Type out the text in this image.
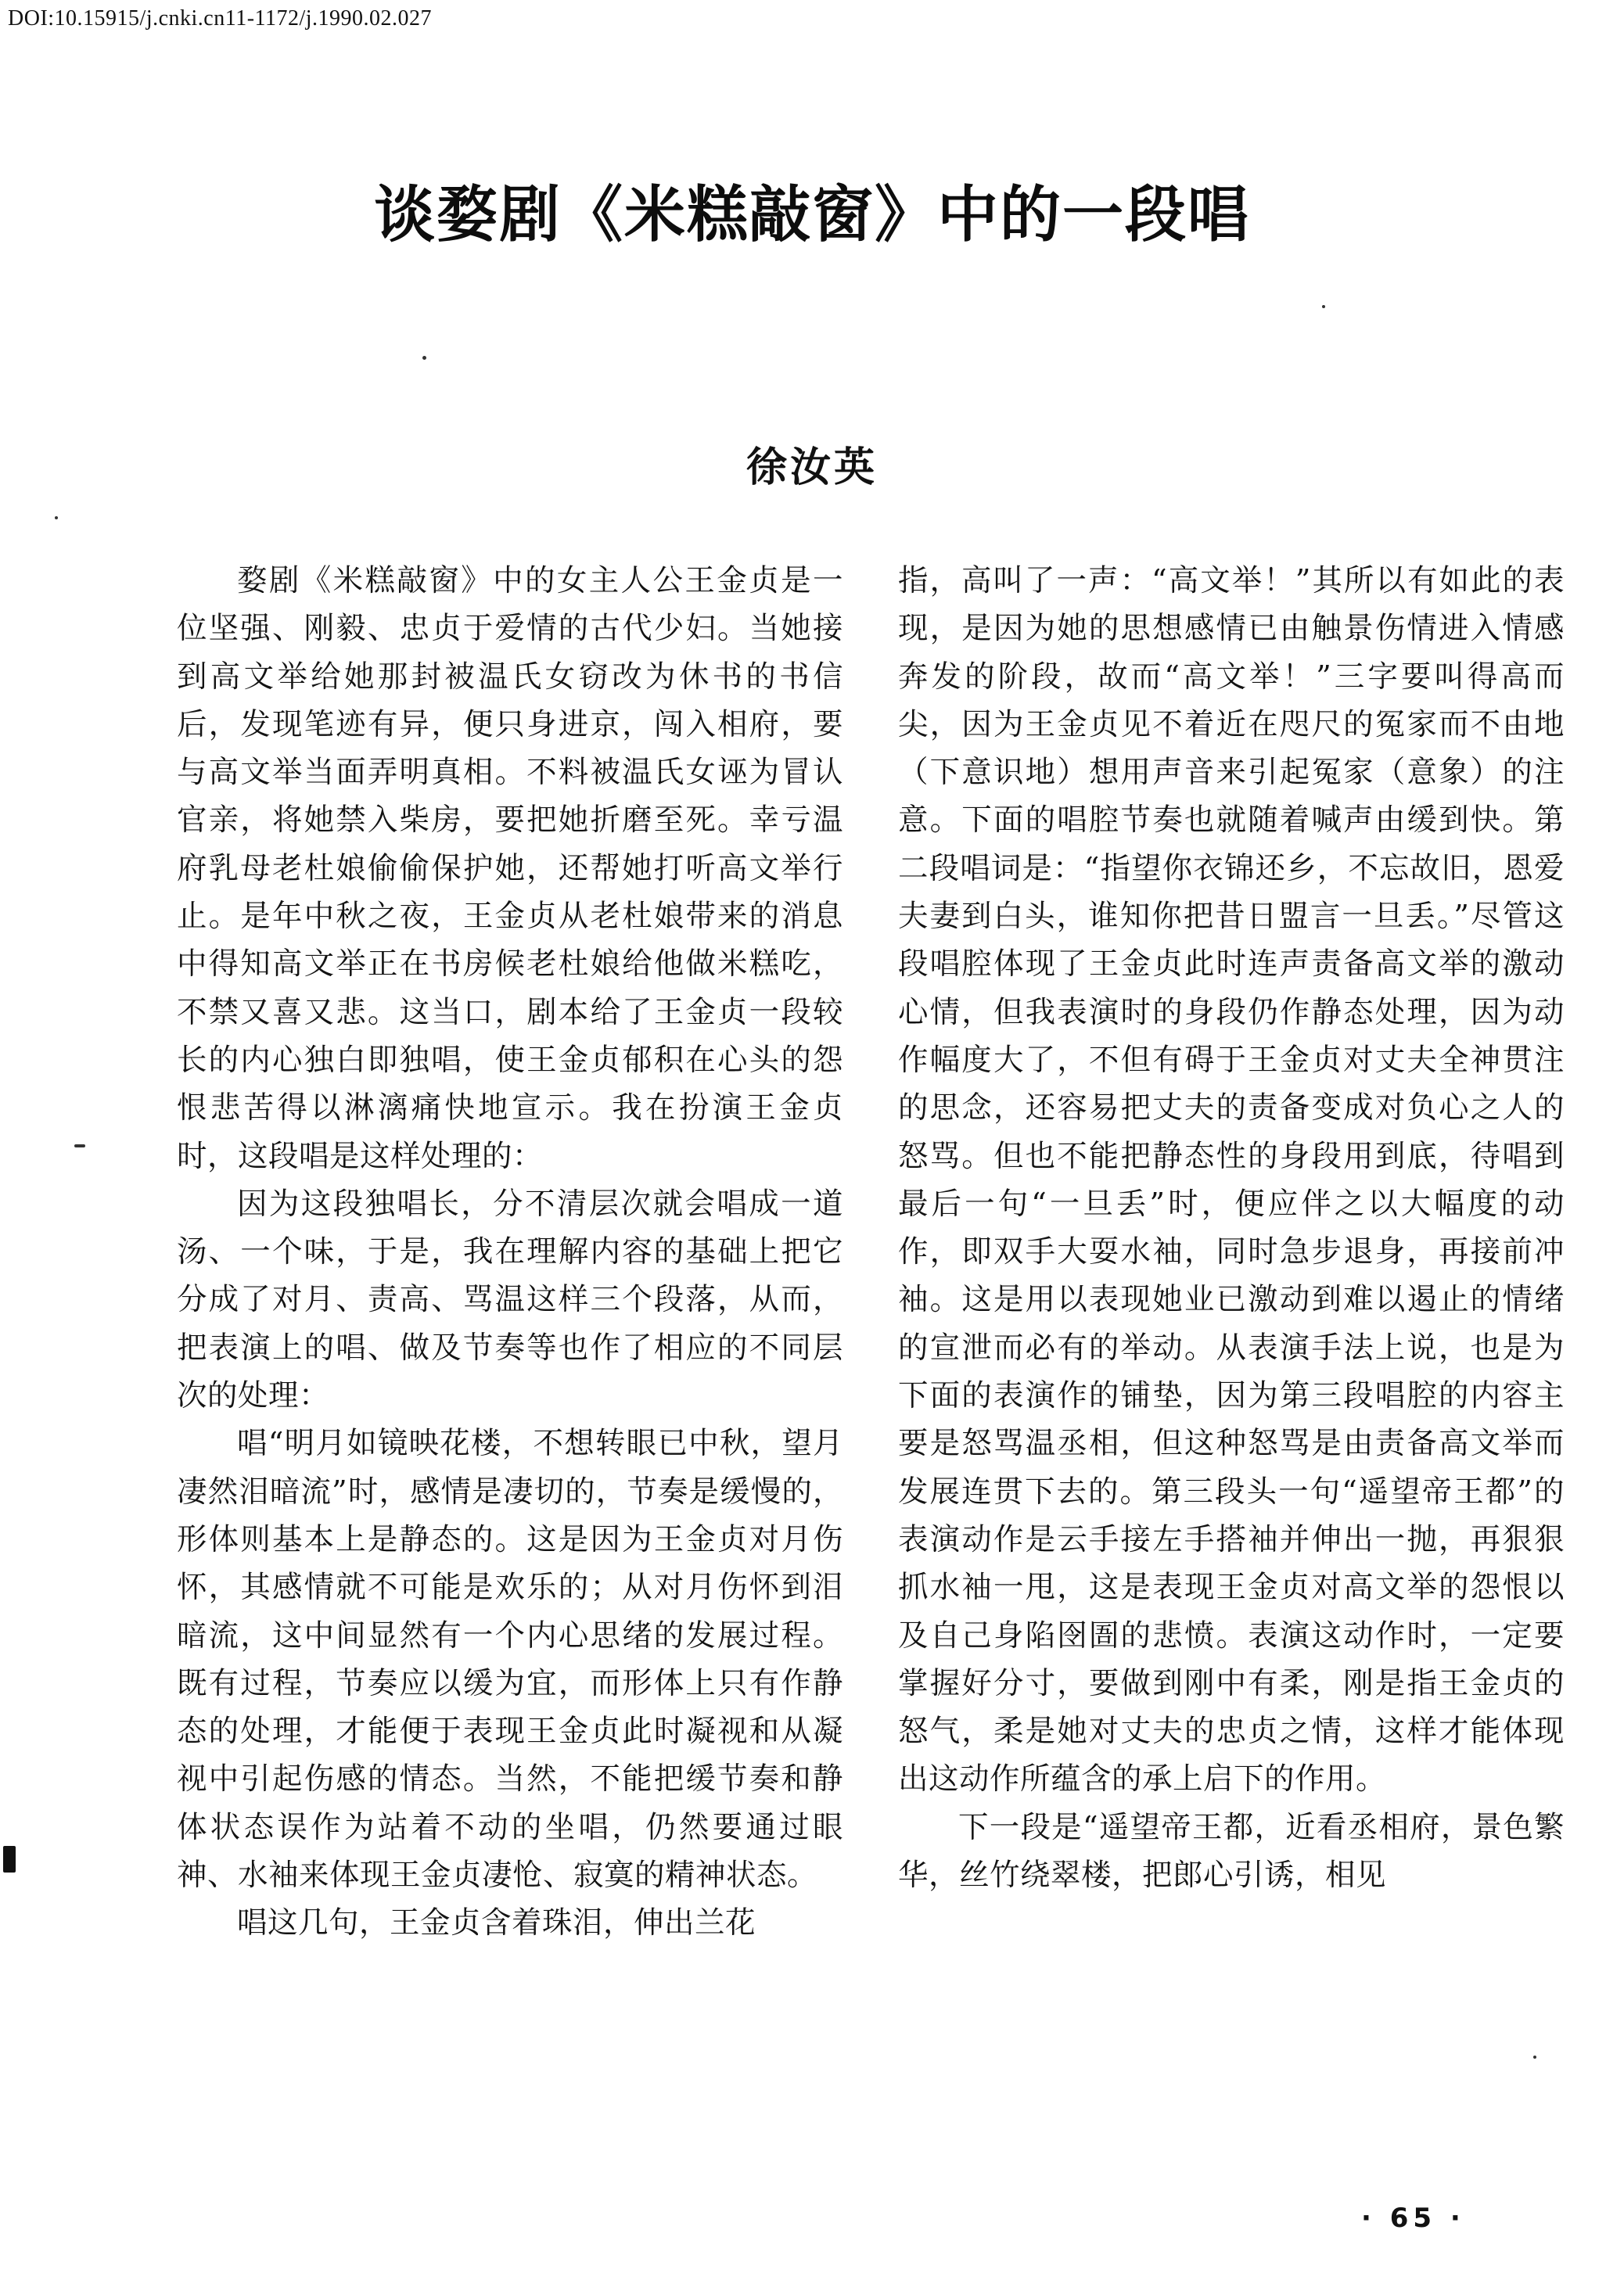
DOI:10.15915/j.cnki.cn11-1172/j.1990.02.027
谈婺剧《米糕敲窗》中的一段唱
徐汝英

婺剧《米糕敲窗》中的女主人公王金贞是一位坚强、刚毅、忠贞于爱情的古代少妇。当她接到高文举给她那封被温氏女窃改为休书的书信后，发现笔迹有异，便只身进京，闯入相府，要与高文举当面弄明真相。不料被温氏女诬为冒认官亲，将她禁入柴房，要把她折磨至死。幸亏温府乳母老杜娘偷偷保护她，还帮她打听高文举行止。是年中秋之夜，王金贞从老杜娘带来的消息中得知高文举正在书房候老杜娘给他做米糕吃，不禁又喜又悲。这当口，剧本给了王金贞一段较长的内心独白即独唱，使王金贞郁积在心头的怨恨悲苦得以淋漓痛快地宣示。我在扮演王金贞时，这段唱是这样处理的：

因为这段独唱长，分不清层次就会唱成一道汤、一个味，于是，我在理解内容的基础上把它分成了对月、责高、骂温这样三个段落，从而，把表演上的唱、做及节奏等也作了相应的不同层次的处理：

唱“明月如镜映花楼，不想转眼已中秋，望月凄然泪暗流”时，感情是凄切的，节奏是缓慢的，形体则基本上是静态的。这是因为王金贞对月伤怀，其感情就不可能是欢乐的；从对月伤怀到泪暗流，这中间显然有一个内心思绪的发展过程。既有过程，节奏应以缓为宜，而形体上只有作静态的处理，才能便于表现王金贞此时凝视和从凝视中引起伤感的情态。当然，不能把缓节奏和静体状态误作为站着不动的坐唱，仍然要通过眼神、水袖来体现王金贞凄怆、寂寞的精神状态。

唱这几句，王金贞含着珠泪，伸出兰花

指，高叫了一声：“高文举！”其所以有如此的表现，是因为她的思想感情已由触景伤情进入情感奔发的阶段，故而“高文举！”三字要叫得高而尖，因为王金贞见不着近在咫尺的冤家而不由地（下意识地）想用声音来引起冤家（意象）的注意。下面的唱腔节奏也就随着喊声由缓到快。第二段唱词是：“指望你衣锦还乡，不忘故旧，恩爱夫妻到白头，谁知你把昔日盟言一旦丢。”尽管这段唱腔体现了王金贞此时连声责备高文举的激动心情，但我表演时的身段仍作静态处理，因为动作幅度大了，不但有碍于王金贞对丈夫全神贯注的思念，还容易把丈夫的责备变成对负心之人的怒骂。但也不能把静态性的身段用到底，待唱到最后一句“一旦丢”时，便应伴之以大幅度的动作，即双手大耍水袖，同时急步退身，再接前冲袖。这是用以表现她业已激动到难以遏止的情绪的宣泄而必有的举动。从表演手法上说，也是为下面的表演作的铺垫，因为第三段唱腔的内容主要是怒骂温丞相，但这种怒骂是由责备高文举而发展连贯下去的。第三段头一句“遥望帝王都”的表演动作是云手接左手搭袖并伸出一抛，再狠狠抓水袖一甩，这是表现王金贞对高文举的怨恨以及自己身陷囹圄的悲愤。表演这动作时，一定要掌握好分寸，要做到刚中有柔，刚是指王金贞的怒气，柔是她对丈夫的忠贞之情，这样才能体现出这动作所蕴含的承上启下的作用。

下一段是“遥望帝王都，近看丞相府，景色繁华，丝竹绕翠楼，把郎心引诱，相见

· 65 ·
